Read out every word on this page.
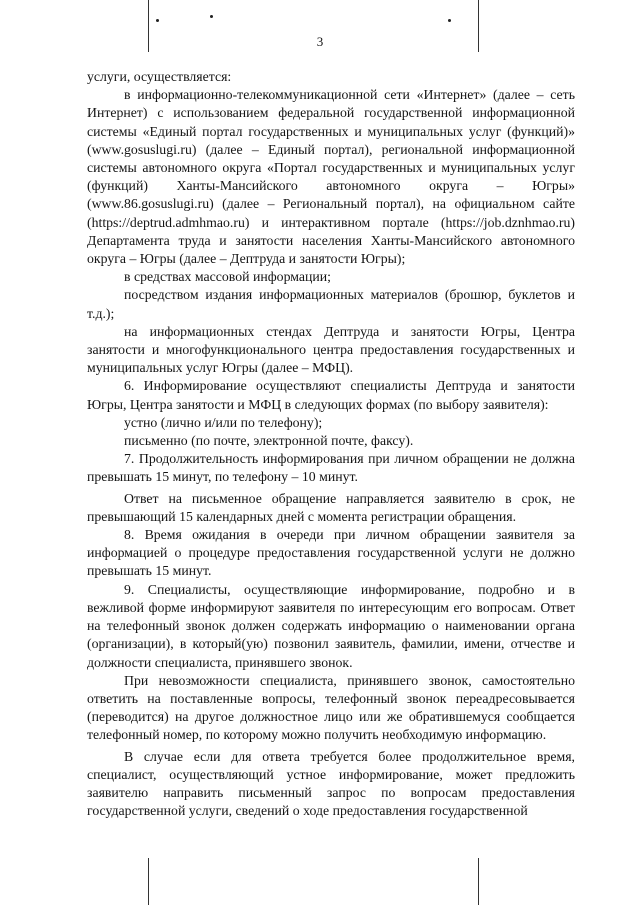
3

услуги, осуществляется:

в информационно-телекоммуникационной сети «Интернет» (далее – сеть Интернет) с использованием федеральной государственной информационной системы «Единый портал государственных и муниципальных услуг (функций)» (www.gosuslugi.ru) (далее – Единый портал), региональной информационной системы автономного округа «Портал государственных и муниципальных услуг (функций) Ханты-Мансийского автономного округа – Югры» (www.86.gosuslugi.ru) (далее – Региональный портал), на официальном сайте (https://deptrud.admhmao.ru) и интерактивном портале (https://job.dznhmao.ru) Департамента труда и занятости населения Ханты-Мансийского автономного округа – Югры (далее – Дептруда и занятости Югры);

в средствах массовой информации;

посредством издания информационных материалов (брошюр, буклетов и т.д.);

на информационных стендах Дептруда и занятости Югры, Центра занятости и многофункционального центра предоставления государственных и муниципальных услуг Югры (далее – МФЦ).

6. Информирование осуществляют специалисты Дептруда и занятости Югры, Центра занятости и МФЦ в следующих формах (по выбору заявителя):

устно (лично и/или по телефону);

письменно (по почте, электронной почте, факсу).

7. Продолжительность информирования при личном обращении не должна превышать 15 минут, по телефону – 10 минут.

Ответ на письменное обращение направляется заявителю в срок, не превышающий 15 календарных дней с момента регистрации обращения.

8. Время ожидания в очереди при личном обращении заявителя за информацией о процедуре предоставления государственной услуги не должно превышать 15 минут.

9. Специалисты, осуществляющие информирование, подробно и в вежливой форме информируют заявителя по интересующим его вопросам. Ответ на телефонный звонок должен содержать информацию о наименовании органа (организации), в который(ую) позвонил заявитель, фамилии, имени, отчестве и должности специалиста, принявшего звонок.

При невозможности специалиста, принявшего звонок, самостоятельно ответить на поставленные вопросы, телефонный звонок переадресовывается (переводится) на другое должностное лицо или же обратившемуся сообщается телефонный номер, по которому можно получить необходимую информацию.

В случае если для ответа требуется более продолжительное время, специалист, осуществляющий устное информирование, может предложить заявителю направить письменный запрос по вопросам предоставления государственной услуги, сведений о ходе предоставления государственной
